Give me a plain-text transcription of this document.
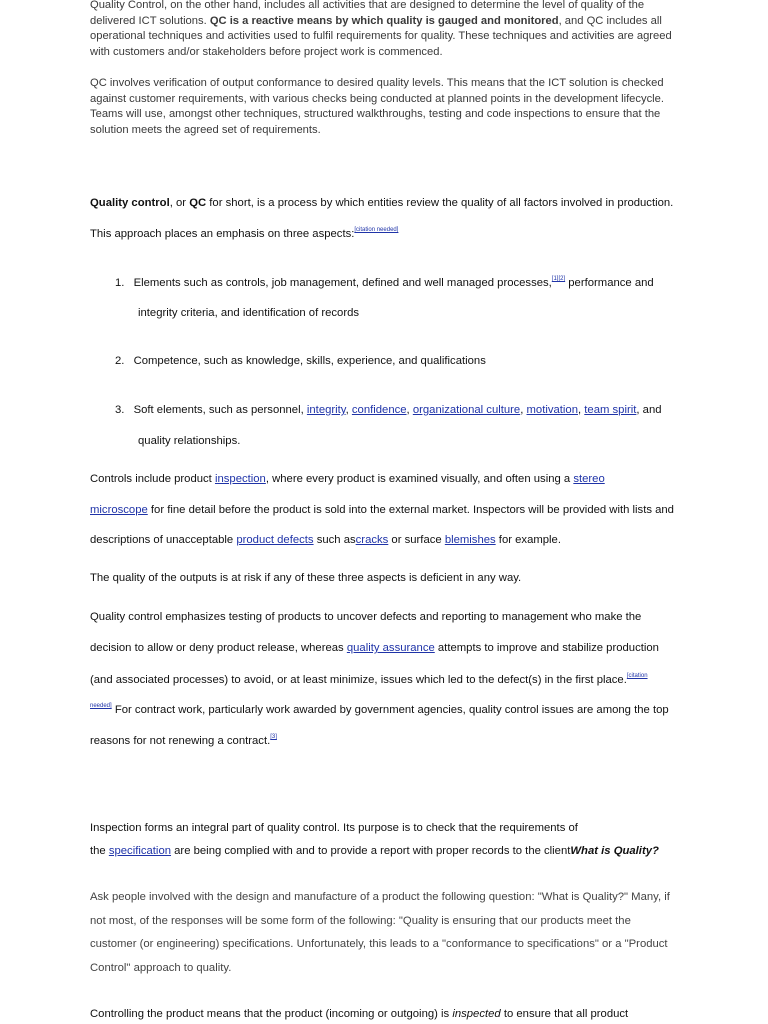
Quality Control, on the other hand, includes all activities that are designed to determine the level of quality of the delivered ICT solutions. QC is a reactive means by which quality is gauged and monitored, and QC includes all operational techniques and activities used to fulfil requirements for quality. These techniques and activities are agreed with customers and/or stakeholders before project work is commenced.
QC involves verification of output conformance to desired quality levels. This means that the ICT solution is checked against customer requirements, with various checks being conducted at planned points in the development lifecycle. Teams will use, amongst other techniques, structured walkthroughs, testing and code inspections to ensure that the solution meets the agreed set of requirements.
Quality control, or QC for short, is a process by which entities review the quality of all factors involved in production.
This approach places an emphasis on three aspects:[citation needed]
1. Elements such as controls, job management, defined and well managed processes,[1][2] performance and
integrity criteria, and identification of records
2. Competence, such as knowledge, skills, experience, and qualifications
3. Soft elements, such as personnel, integrity, confidence, organizational culture, motivation, team spirit, and
quality relationships.
Controls include product inspection, where every product is examined visually, and often using a stereo
microscope for fine detail before the product is sold into the external market. Inspectors will be provided with lists and
descriptions of unacceptable product defects such ascracks or surface blemishes for example.
The quality of the outputs is at risk if any of these three aspects is deficient in any way.
Quality control emphasizes testing of products to uncover defects and reporting to management who make the
decision to allow or deny product release, whereas quality assurance attempts to improve and stabilize production
(and associated processes) to avoid, or at least minimize, issues which led to the defect(s) in the first place.$^{[citation}$
$^{needed]}$ For contract work, particularly work awarded by government agencies, quality control issues are among the top
reasons for not renewing a contract.[3]
Inspection forms an integral part of quality control. Its purpose is to check that the requirements of
the specification are being complied with and to provide a report with proper records to the clientWhat is Quality?
Ask people involved with the design and manufacture of a product the following question: "What is Quality?" Many, if
not most, of the responses will be some form of the following: "Quality is ensuring that our products meet the
customer (or engineering) specifications. Unfortunately, this leads to a "conformance to specifications" or a "Product
Control" approach to quality.
Controlling the product means that the product (incoming or outgoing) is inspected to ensure that all product
